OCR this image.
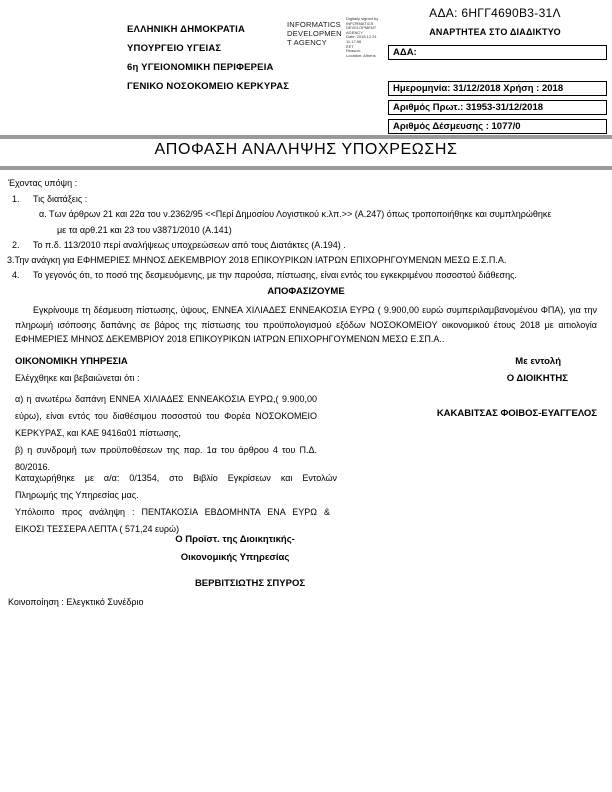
ΑΔΑ: 6ΗΓΓ4690Β3-31Λ
ΑΝΑΡΤΗΤΕΑ ΣΤΟ ΔΙΑΔΙΚΤΥΟ
ΕΛΛΗΝΙΚΗ ΔΗΜΟΚΡΑΤΙΑ
ΥΠΟΥΡΓΕΙΟ ΥΓΕΙΑΣ
6η ΥΓΕΙΟΝΟΜΙΚΗ ΠΕΡΙΦΕΡΕΙΑ
ΓΕΝΙΚΟ ΝΟΣΟΚΟΜΕΙΟ ΚΕΡΚΥΡΑΣ
INFORMATICS
DEVELOPMEN
T AGENCY
Digitally signed by
INFORMATICS
DEVELOPMENT AGENCY
Date: 2018.12.31 11:17:56
EET
Reason:
Location: Athens	ΑΔΑ:
Ημερομηνία: 31/12/2018 Χρήση : 2018
Αριθμός Πρωτ.: 31953-31/12/2018
Αριθμός Δέσμευσης : 1077/0
ΑΠΟΦΑΣΗ ΑΝΑΛΗΨΗΣ ΥΠΟΧΡΕΩΣΗΣ
Έχοντας υπόψη :
1.	Τις διατάξεις :
α. Των άρθρων 21 και 22α του ν.2362/95 <<Περί Δημοσίου Λογιστικού κ.λπ.>> (Α.247) όπως τροποποιήθηκε και συμπληρώθηκε
με τα αρθ.21 και 23 του ν3871/2010 (Α.141)
2.	Το π.δ. 113/2010 περί αναλήψεως υποχρεώσεων από τους Διατάκτες (Α.194) .
3.Την ανάγκη για ΕΦΗΜΕΡΙΕΣ ΜΗΝΟΣ ΔΕΚΕΜΒΡΙΟΥ 2018 ΕΠΙΚΟΥΡΙΚΩΝ ΙΑΤΡΩΝ ΕΠΙΧΟΡΗΓΟΥΜΕΝΩΝ ΜΕΣΩ Ε.Σ.Π.Α.
4.	Το γεγονός ότι, το ποσό της δεσμευόμενης, με την παρούσα, πίστωσης, είναι εντός του εγκεκριμένου ποσοστού διάθεσης.
ΑΠΟΦΑΣΙΖΟΥΜΕ
Εγκρίνουμε τη δέσμευση πίστωσης, ύψους, ΕΝΝΕΑ ΧΙΛΙΑΔΕΣ ΕΝΝΕΑΚΟΣΙΑ ΕΥΡΩ ( 9.900,00 ευρώ συμπεριλαμβανομένου ΦΠΑ), για την
πληρωμή ισόποσης δαπάνης σε βάρος της πίστωσης του προϋπολογισμού εξόδων ΝΟΣΟΚΟΜΕΙΟΥ οικονομικού έτους 2018 με αιτιολογία
ΕΦΗΜΕΡΙΕΣ ΜΗΝΟΣ ΔΕΚΕΜΒΡΙΟΥ 2018 ΕΠΙΚΟΥΡΙΚΩΝ ΙΑΤΡΩΝ ΕΠΙΧΟΡΗΓΟΥΜΕΝΩΝ ΜΕΣΩ Ε.ΣΠ.Α..
ΟΙΚΟΝΟΜΙΚΗ ΥΠΗΡΕΣΙΑ	Με εντολή
Ελέγχθηκε και βεβαιώνεται ότι :	Ο ΔΙΟΙΚΗΤΗΣ
α) η ανωτέρω δαπάνη ΕΝΝΕΑ ΧΙΛΙΑΔΕΣ ΕΝΝΕΑΚΟΣΙΑ ΕΥΡΩ,( 9.900,00
εύρω), είναι εντός του διαθέσιμου ποσοστού του Φορέα ΝΟΣΟΚΟΜΕΙΟ
ΚΕΡΚΥΡΑΣ, και ΚΑΕ 9416α01 πίστωσης,
β) η συνδρομή των προϋποθέσεων της παρ. 1α του άρθρου 4 του Π.Δ.
80/2016.
ΚΑΚΑΒΙΤΣΑΣ ΦΟΙΒΟΣ-ΕΥΑΓΓΕΛΟΣ
Καταχωρήθηκε με α/α: 0/1354, στο Βιβλίο Εγκρίσεων και Εντολών
Πληρωμής της Υπηρεσίας μας.
Υπόλοιπο προς ανάληψη : ΠΕΝΤΑΚΟΣΙΑ ΕΒΔΟΜΗΝΤΑ ΕΝΑ ΕΥΡΩ &
ΕΙΚΟΣΙ ΤΕΣΣΕΡΑ ΛΕΠΤΑ ( 571,24 ευρώ)
Ο Προϊστ. της Διοικητικής-
Οικονομικής Υπηρεσίας
ΒΕΡΒΙΤΣΙΩΤΗΣ ΣΠΥΡΟΣ
Κοινοποίηση : Ελεγκτικό Συνέδριο
